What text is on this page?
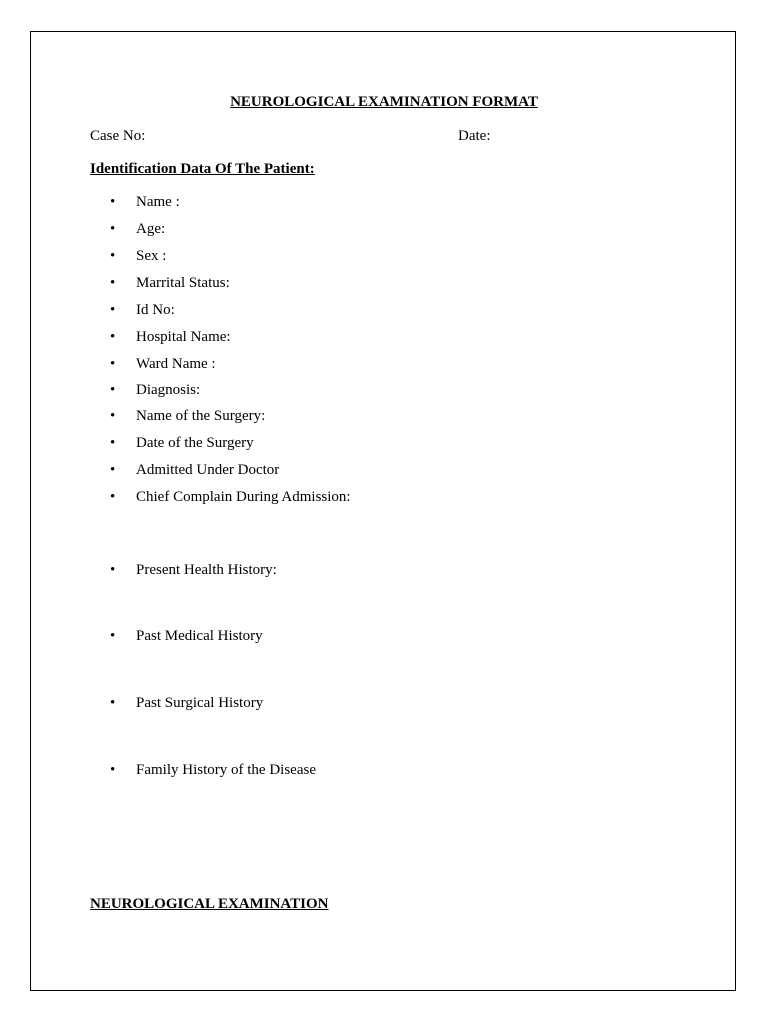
NEUROLOGICAL EXAMINATION FORMAT
Case No:	Date:
Identification Data Of The Patient:
• Name :
• Age:
• Sex :
• Marrital Status:
• Id No:
• Hospital Name:
• Ward Name :
• Diagnosis:
• Name of the Surgery:
• Date of the Surgery
• Admitted Under Doctor
• Chief Complain During Admission:
• Present Health History:
• Past Medical History
• Past Surgical History
• Family History of the Disease
NEUROLOGICAL EXAMINATION
